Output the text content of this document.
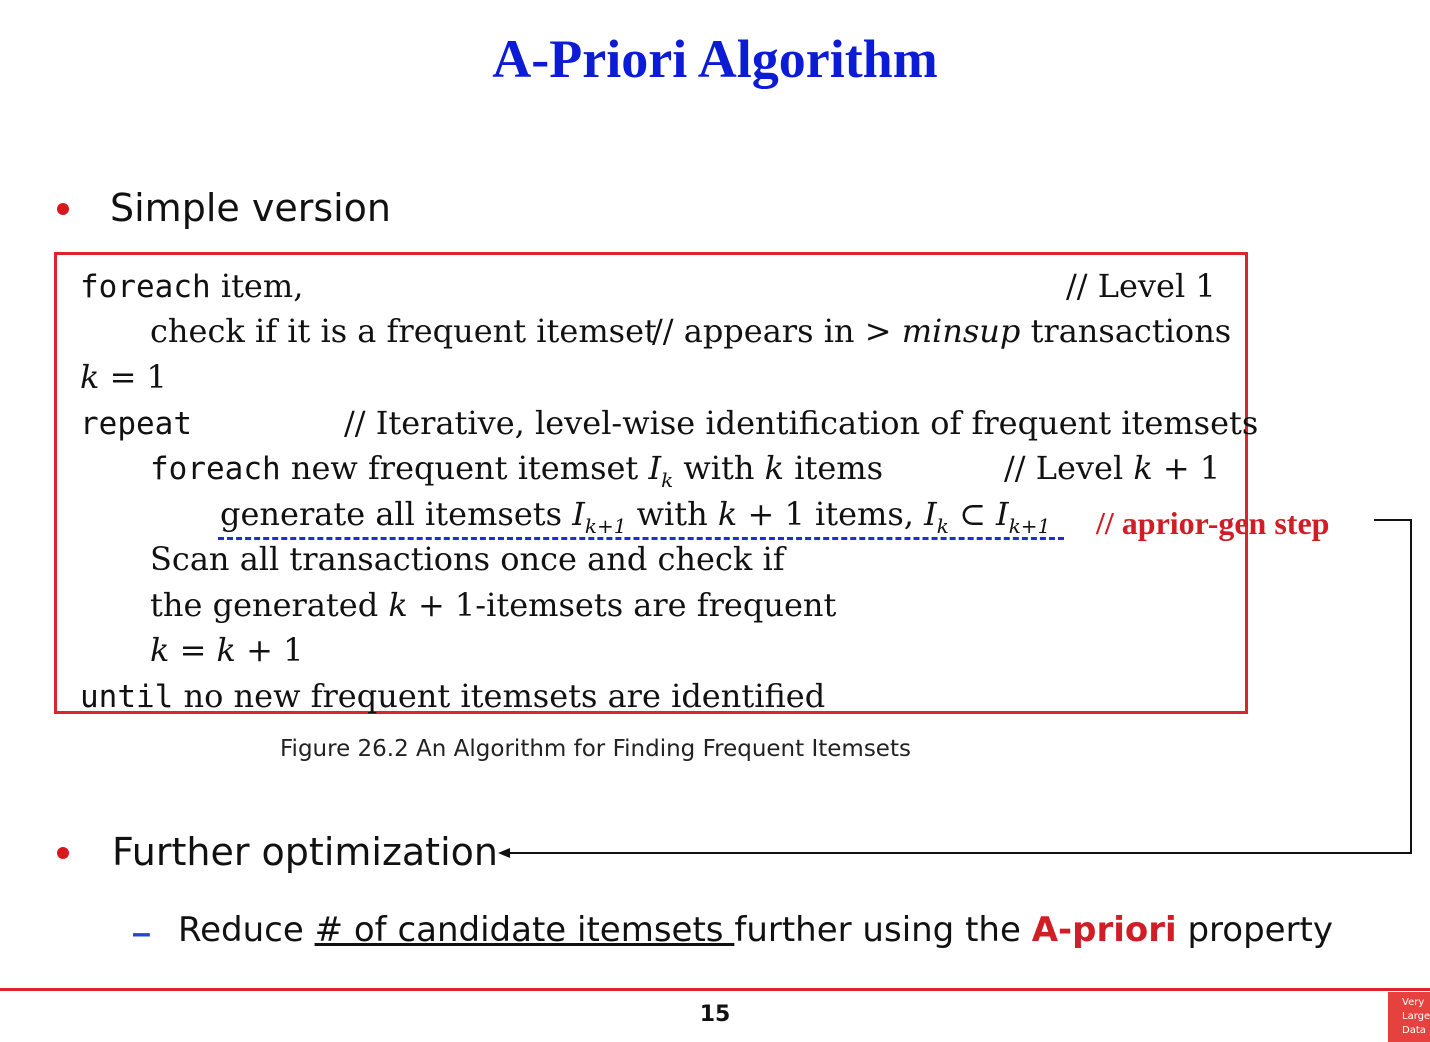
A-Priori Algorithm
Simple version
foreach item,	// Level 1
check if it is a frequent itemset
// appears in > minsup transactions
k = 1
repeat	// Iterative, level-wise identification of frequent itemsets
foreach new frequent itemset $I_k$ with k items	// Level k + 1
generate all itemsets $I_{k+1}$ with k + 1 items, $I_k$ ⊂ $I_{k+1}$ // aprior-gen step
Scan all transactions once and check if
the generated k + 1-itemsets are frequent
k = k + 1
until no new frequent itemsets are identified
Figure 26.2 An Algorithm for Finding Frequent Itemsets
Further optimization
– Reduce # of candidate itemsets further using the A-priori property
15	Very
Large
Data
